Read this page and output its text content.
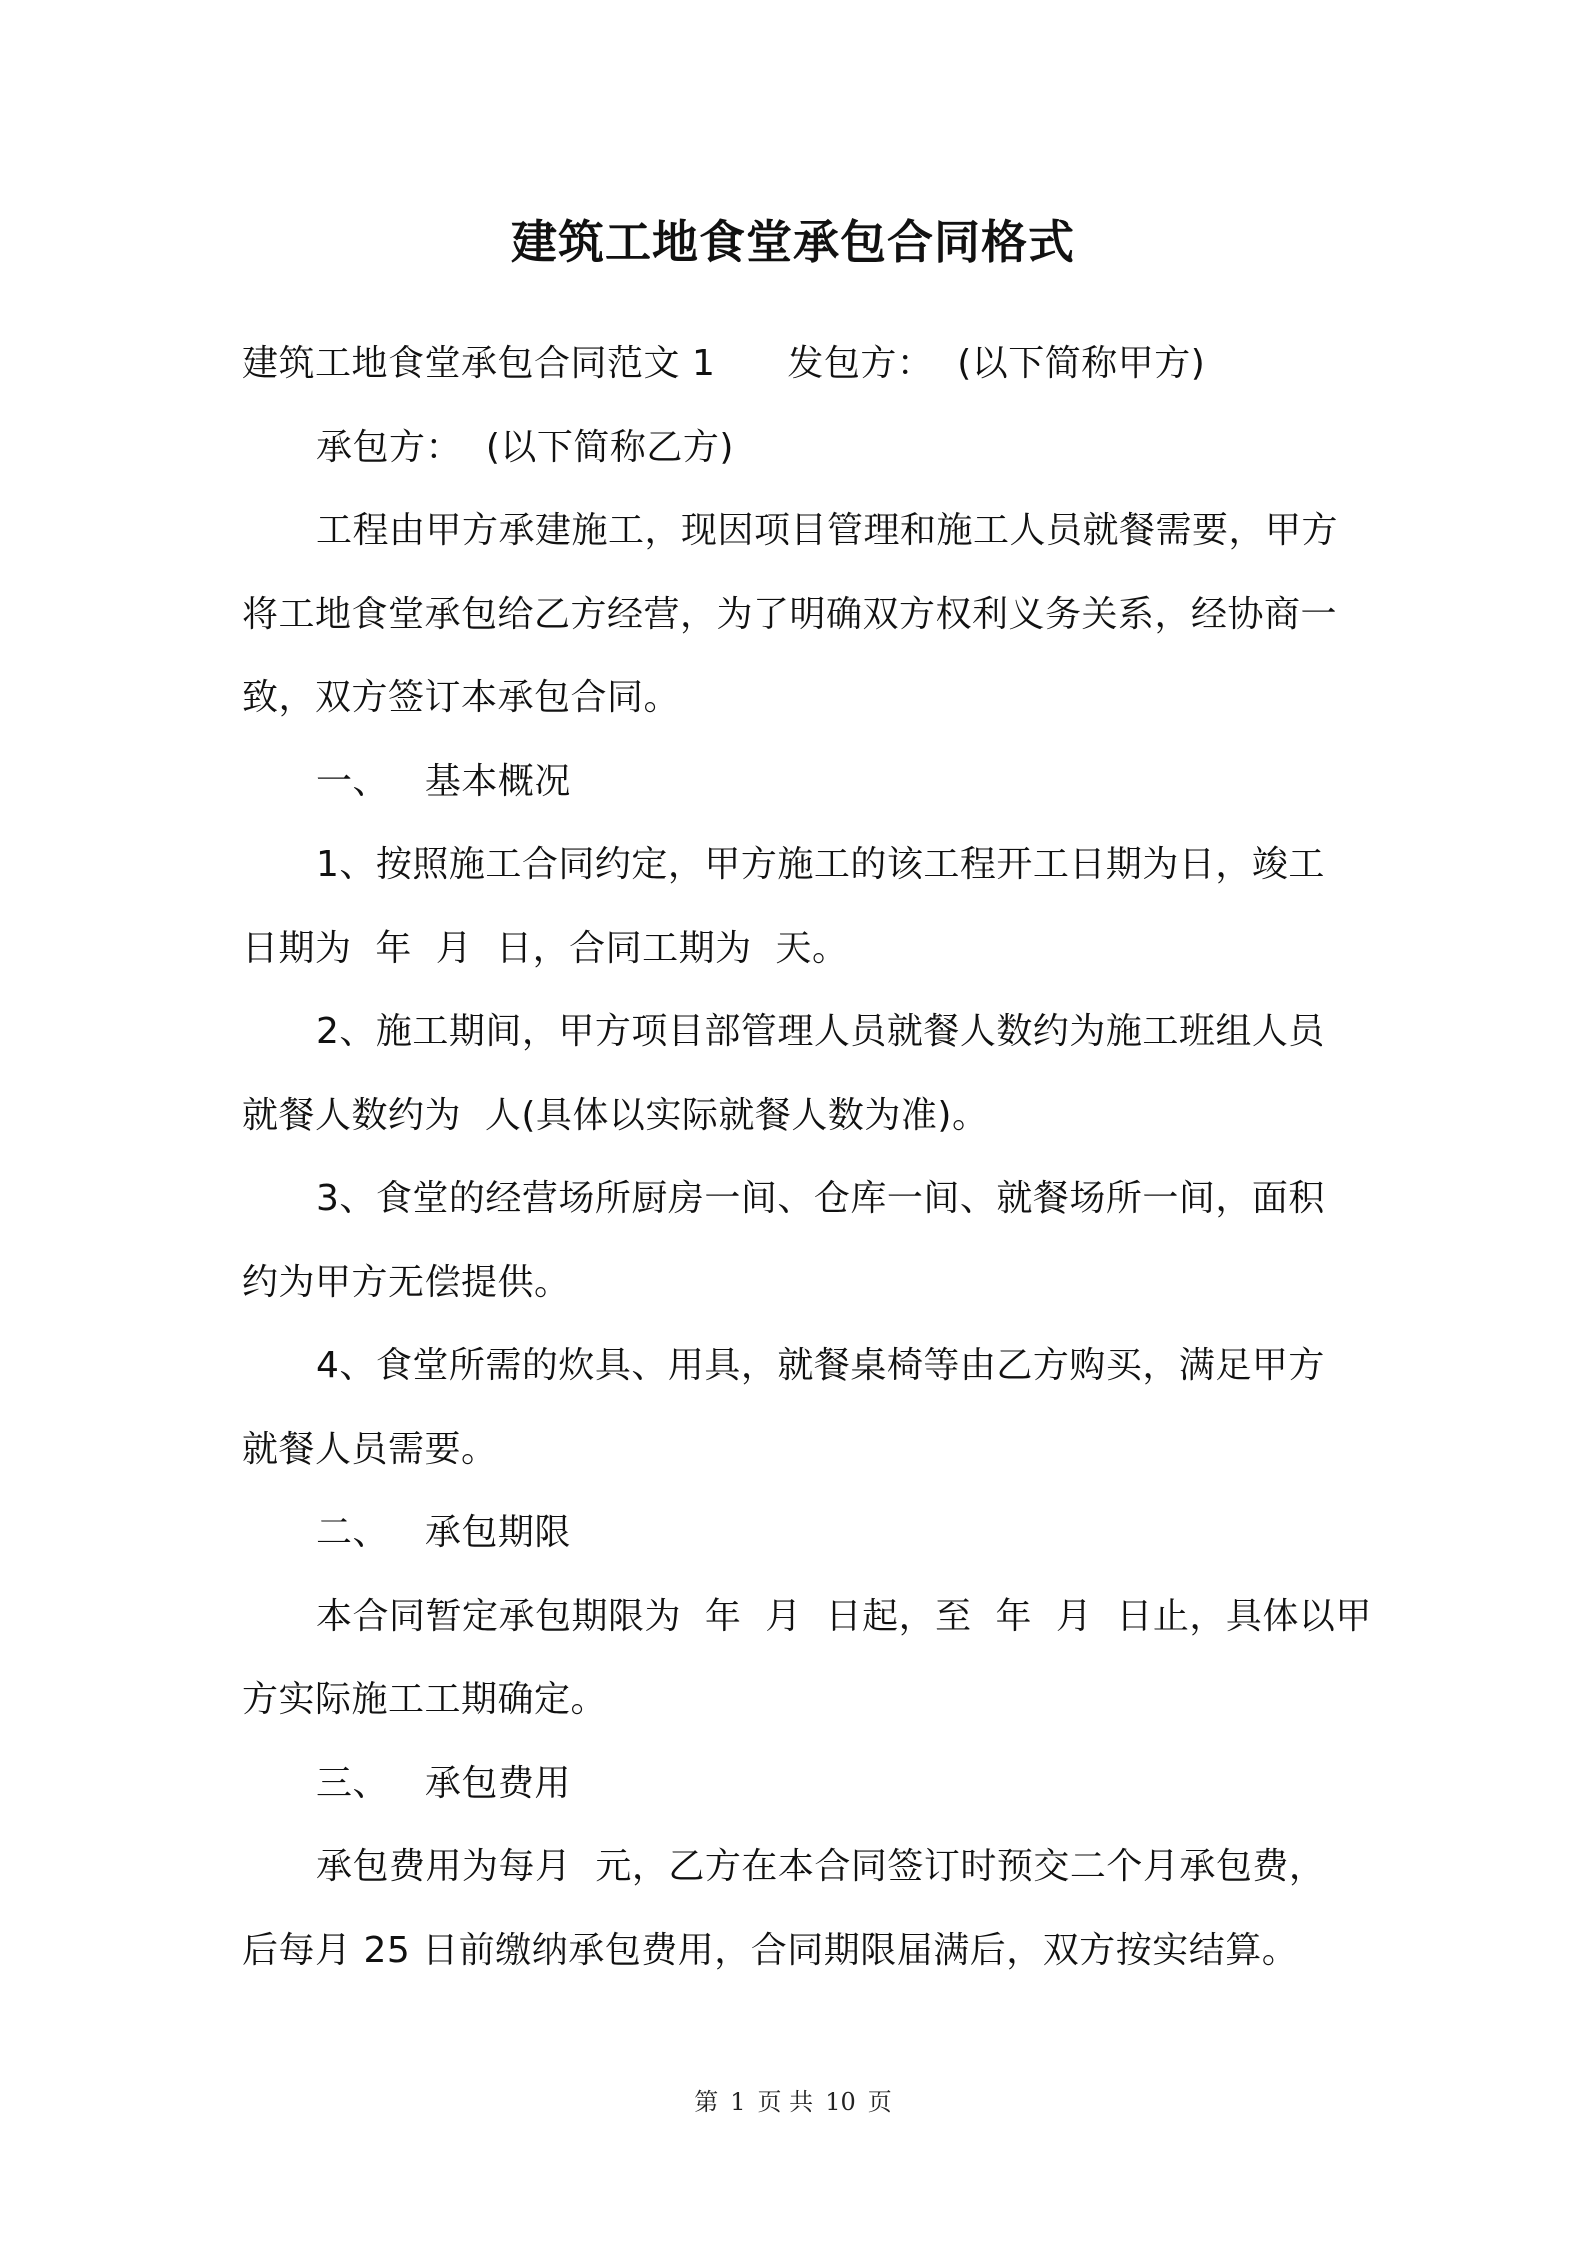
建筑工地食堂承包合同格式
建筑工地食堂承包合同范文 1 发包方：  (以下简称甲方)
承包方：  (以下简称乙方)
工程由甲方承建施工，现因项目管理和施工人员就餐需要，甲方
将工地食堂承包给乙方经营，为了明确双方权利义务关系，经协商一
致，双方签订本承包合同。
一、   基本概况
1、按照施工合同约定，甲方施工的该工程开工日期为日，竣工
日期为  年  月  日，合同工期为  天。
2、施工期间，甲方项目部管理人员就餐人数约为施工班组人员
就餐人数约为  人(具体以实际就餐人数为准)。
3、食堂的经营场所厨房一间、仓库一间、就餐场所一间，面积
约为甲方无偿提供。
4、食堂所需的炊具、用具，就餐桌椅等由乙方购买，满足甲方
就餐人员需要。
二、   承包期限
本合同暂定承包期限为  年  月  日起，至  年  月  日止，具体以甲
方实际施工工期确定。
三、   承包费用
承包费用为每月  元，乙方在本合同签订时预交二个月承包费，
后每月 25 日前缴纳承包费用，合同期限届满后，双方按实结算。
第 1 页 共 10 页
